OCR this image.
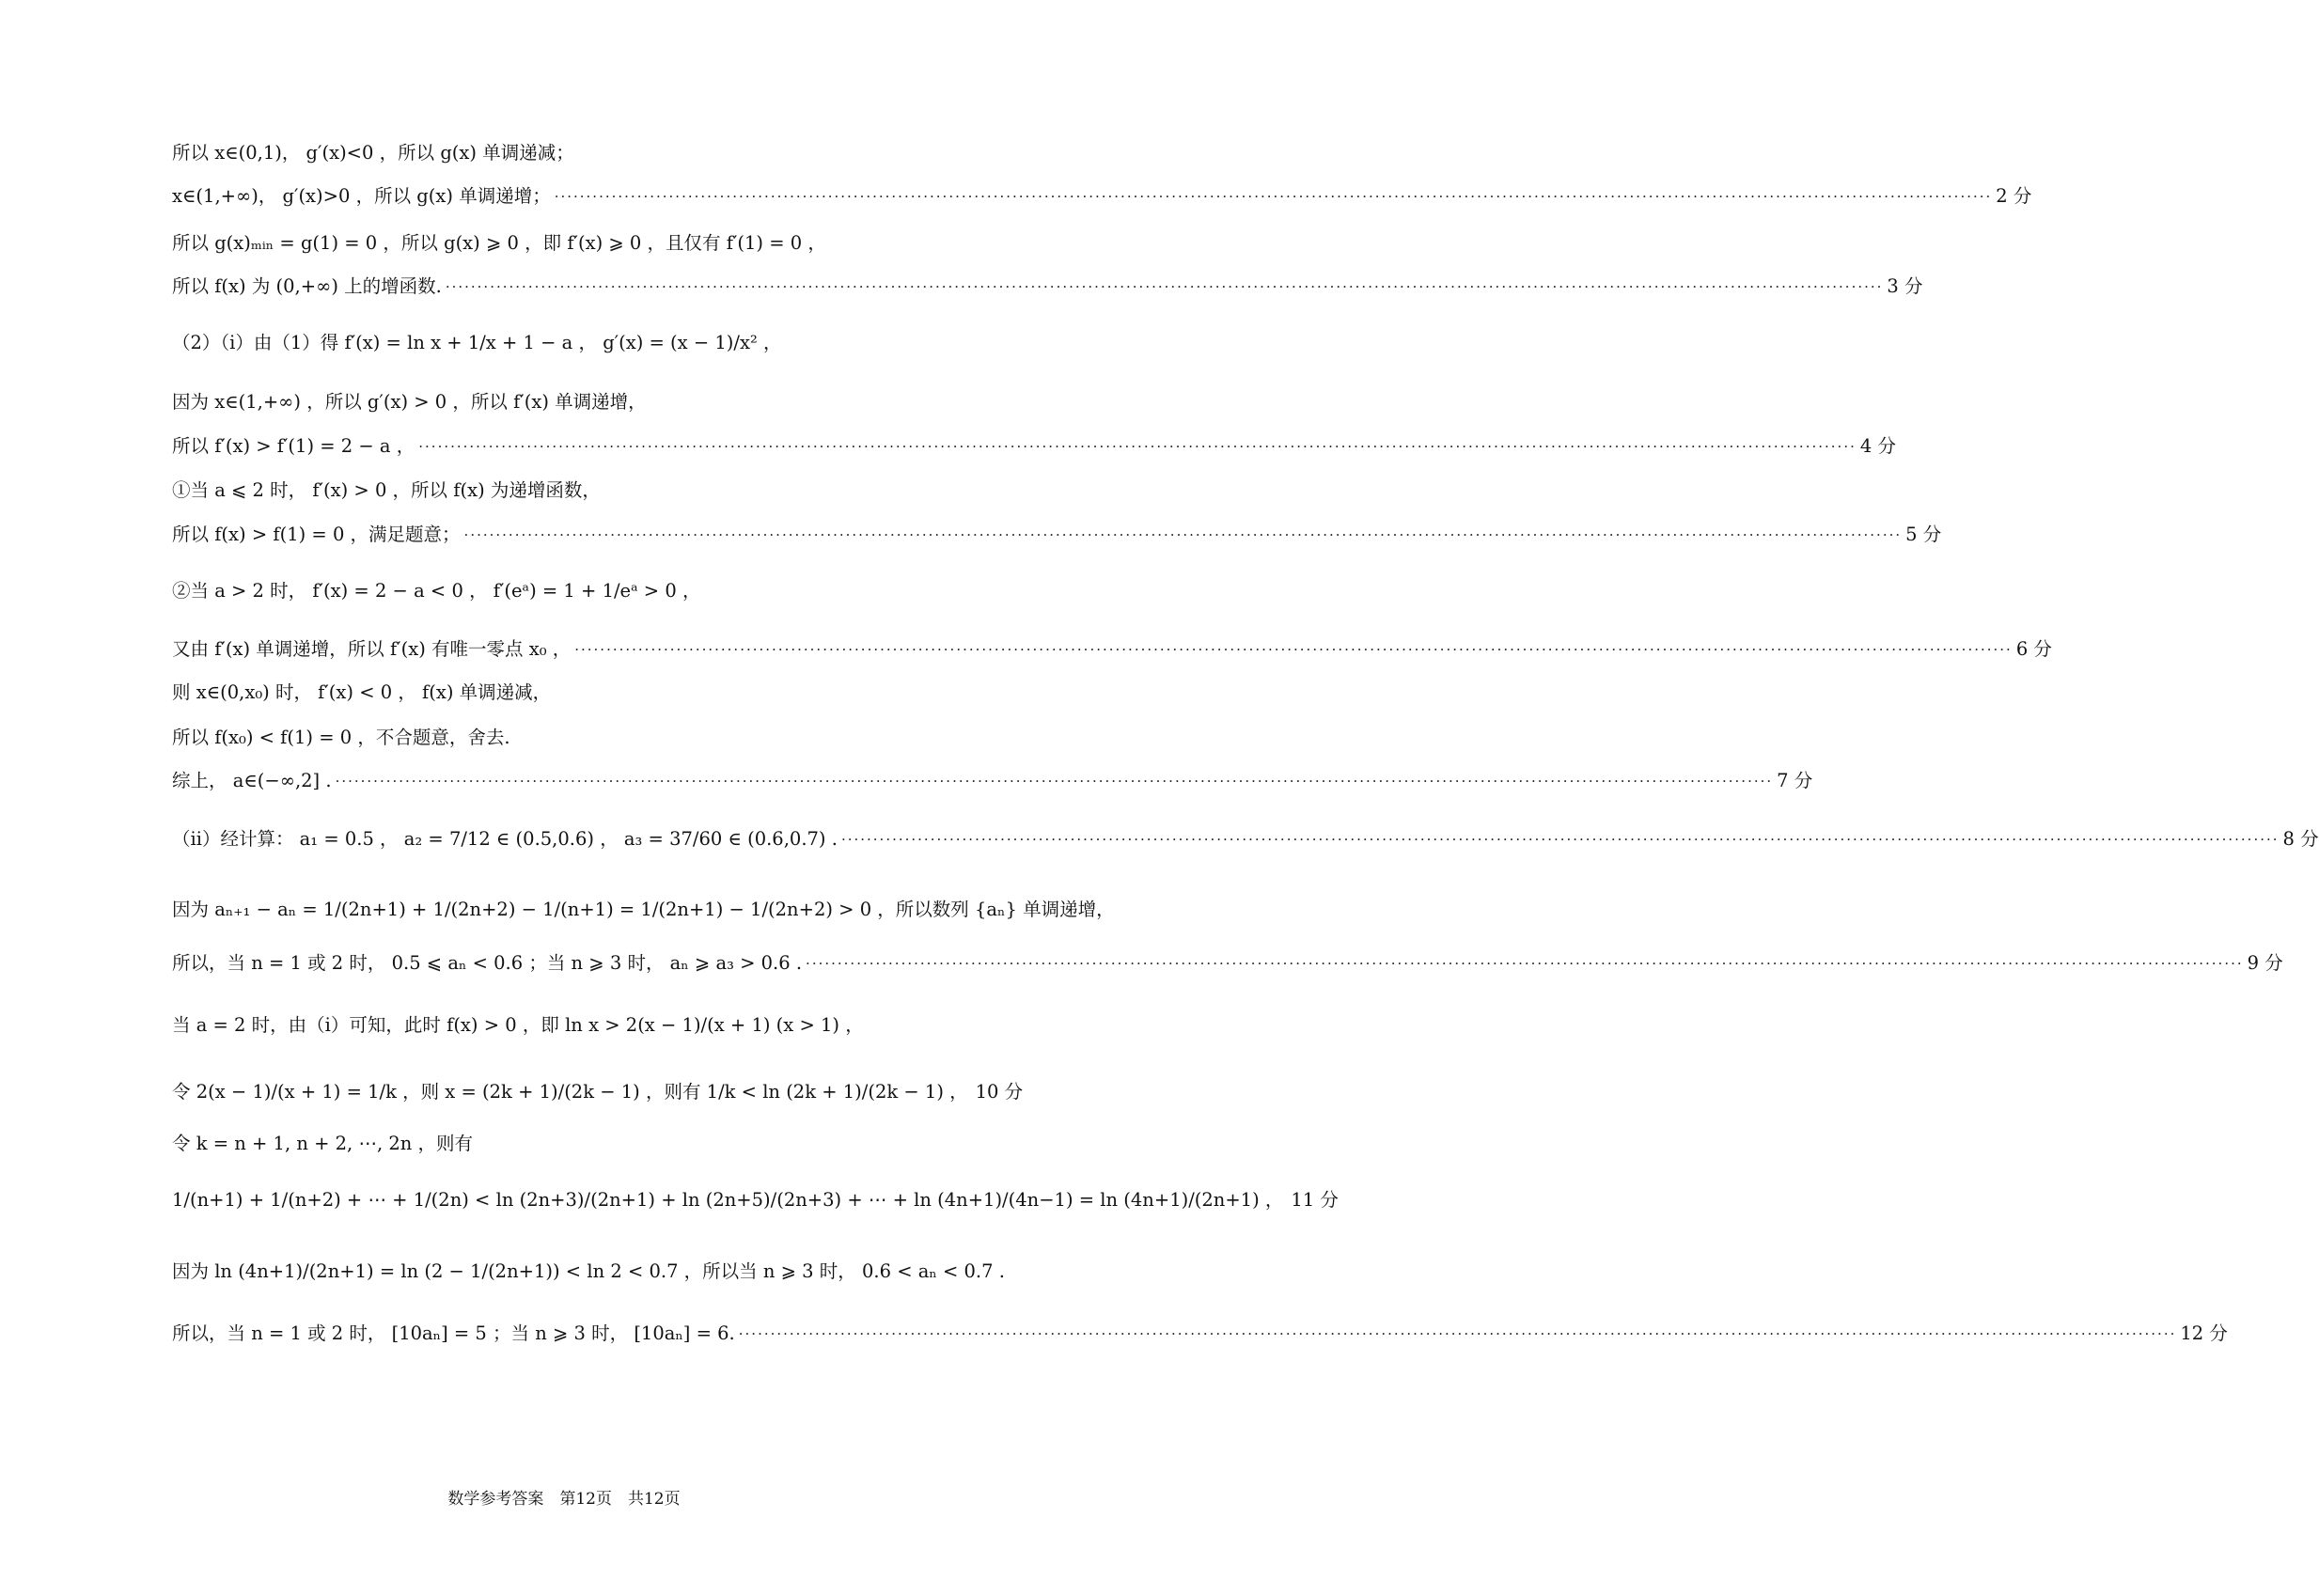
所以 x∈(0,1)， g′(x)<0 ，所以 g(x) 单调递减；
x∈(1,+∞)， g′(x)>0 ，所以 g(x) 单调递增； ·····	2 分
所以 g(x)ₘᵢₙ = g(1) = 0 ，所以 g(x) ⩾ 0 ，即 f′(x) ⩾ 0 ，且仅有 f′(1) = 0 ，
所以 f(x) 为 (0,+∞) 上的增函数. ·····	3 分
（2）（i）由（1）得 f′(x) = ln x + 1/x + 1 − a ， g′(x) = (x − 1)/x² ，
因为 x∈(1,+∞) ，所以 g′(x) > 0 ，所以 f′(x) 单调递增，
所以 f′(x) > f′(1) = 2 − a ， ·····	4 分
①当 a ⩽ 2 时， f′(x) > 0 ，所以 f(x) 为递增函数，
所以 f(x) > f(1) = 0 ，满足题意； ·····	5 分
②当 a > 2 时， f′(x) = 2 − a < 0 ， f′(eᵃ) = 1 + 1/eᵃ > 0 ，
又由 f′(x) 单调递增，所以 f′(x) 有唯一零点 x₀ ， ·····	6 分
则 x∈(0,x₀) 时， f′(x) < 0 ， f(x) 单调递减，
所以 f(x₀) < f(1) = 0 ，不合题意，舍去.
综上， a∈(−∞,2] . ·····	7 分
（ii）经计算： a₁ = 0.5 ， a₂ = 7/12 ∈ (0.5,0.6) ， a₃ = 37/60 ∈ (0.6,0.7) . ·····	8 分
因为 aₙ₊₁ − aₙ = 1/(2n+1) + 1/(2n+2) − 1/(n+1) = 1/(2n+1) − 1/(2n+2) > 0 ，所以数列 {aₙ} 单调递增，
所以，当 n = 1 或 2 时， 0.5 ⩽ aₙ < 0.6 ；当 n ⩾ 3 时， aₙ ⩾ a₃ > 0.6 . ·····	9 分
当 a = 2 时，由（i）可知，此时 f(x) > 0 ，即 ln x > 2(x − 1)/(x + 1) (x > 1) ，
令 2(x − 1)/(x + 1) = 1/k ，则 x = (2k + 1)/(2k − 1) ，则有 1/k < ln (2k + 1)/(2k − 1) ， 10 分
令 k = n + 1, n + 2, ⋯, 2n ，则有
1/(n+1) + 1/(n+2) + ⋯ + 1/(2n) < ln (2n+3)/(2n+1) + ln (2n+5)/(2n+3) + ⋯ + ln (4n+1)/(4n−1) = ln (4n+1)/(2n+1) ， 11 分
因为 ln (4n+1)/(2n+1) = ln (2 − 1/(2n+1)) < ln 2 < 0.7 ，所以当 n ⩾ 3 时， 0.6 < aₙ < 0.7 .
所以，当 n = 1 或 2 时， [10aₙ] = 5 ；当 n ⩾ 3 时， [10aₙ] = 6. ·····	12 分
数学参考答案　第12页　共12页
